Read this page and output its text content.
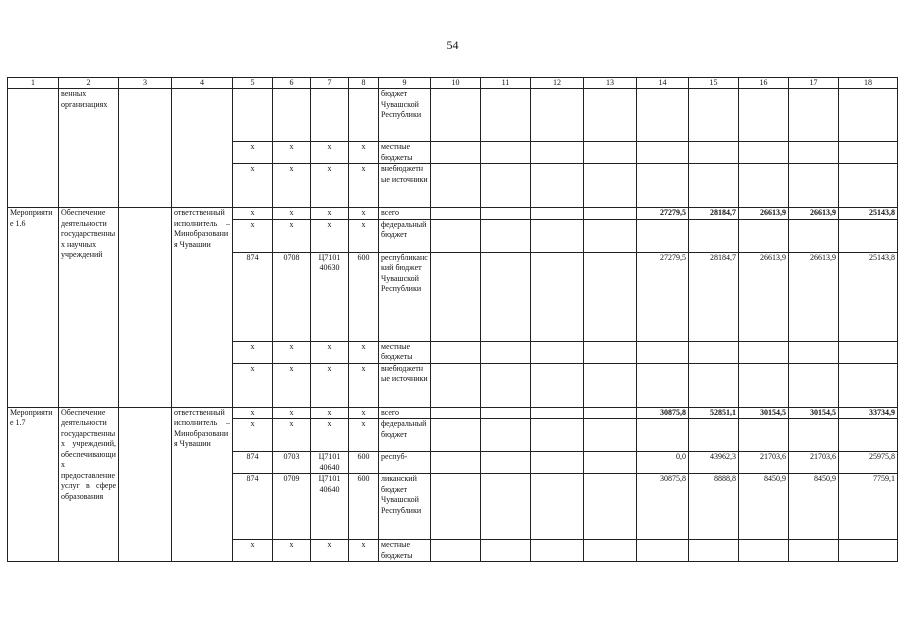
54
1	2	3	4	5	6	7	8	9	10	11	12	13	14	15	16	17	18
	венных организациях							бюджет Чувашской Республики									
				x	x	x	x	местные бюджеты									
				x	x	x	x	внебюджетные источники									
Мероприятие 1.6	Обеспечение деятельности государственных научных учреждений		ответственный исполнитель – Минобразования Чувашии	x	x	x	x	всего					27279,5	28184,7	26613,9	26613,9	25143,8
				x	x	x	x	федеральный бюджет									
				874	0708	Ц7101 40630	600	республиканский бюджет Чувашской Республики					27279,5	28184,7	26613,9	26613,9	25143,8
				x	x	x	x	местные бюджеты									
				x	x	x	x	внебюджетные источники									
Мероприятие 1.7	Обеспечение деятельности государственных учреждений, обеспечивающих предоставление услуг в сфере образования		ответственный исполнитель – Минобразования Чувашии	x	x	x	x	всего					30875,8	52851,1	30154,5	30154,5	33734,9
				x	x	x	x	федеральный бюджет									
				874	0703	Ц7101 40640	600	респуб-					0,0	43962,3	21703,6	21703,6	25975,8
				874	0709	Ц7101 40640	600	ликанский бюджет Чувашской Республики					30875,8	8888,8	8450,9	8450,9	7759,1
				x	x	x	x	местные бюджеты									
